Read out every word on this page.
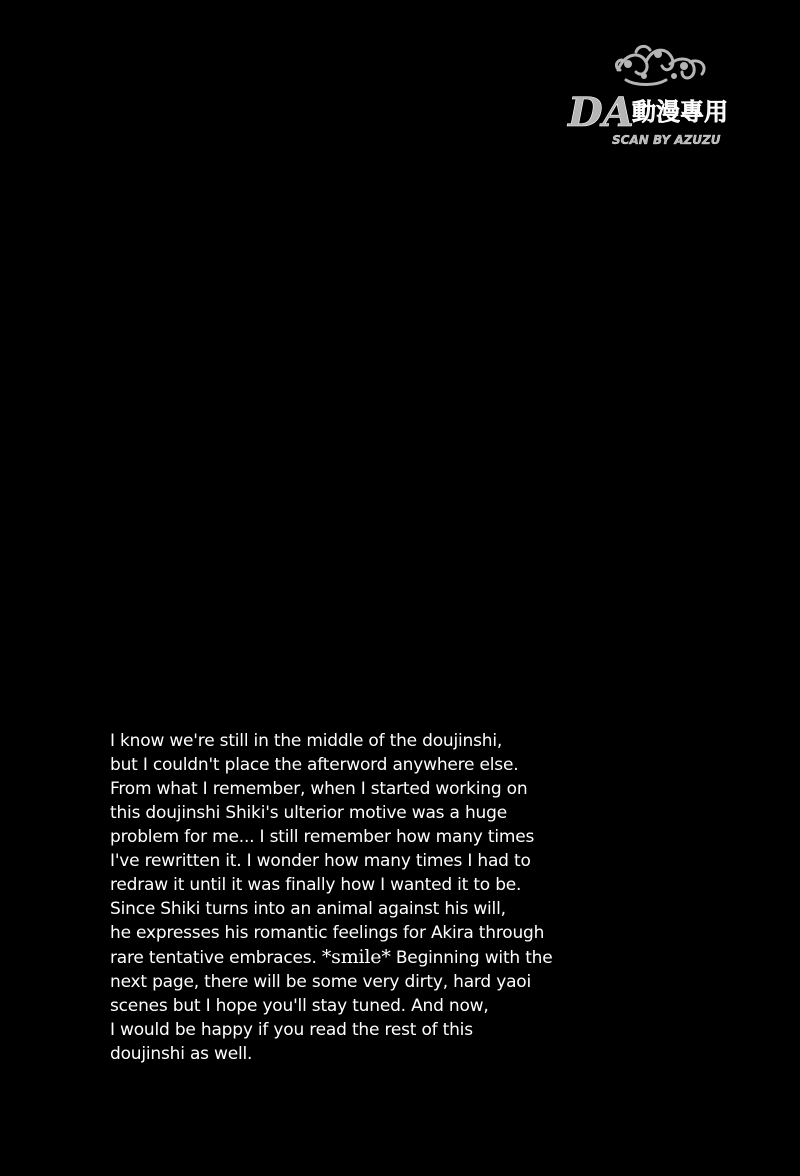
DA
動漫專用
SCAN BY AZUZU
I know we're still in the middle of the doujinshi,
but I couldn't place the afterword anywhere else.
From what I remember, when I started working on
this doujinshi Shiki's ulterior motive was a huge
problem for me... I still remember how many times
I've rewritten it. I wonder how many times I had to
redraw it until it was finally how I wanted it to be.
Since Shiki turns into an animal against his will,
he expresses his romantic feelings for Akira through
rare tentative embraces. *smile* Beginning with the
next page, there will be some very dirty, hard yaoi
scenes but I hope you'll stay tuned. And now,
I would be happy if you read the rest of this
doujinshi as well.
